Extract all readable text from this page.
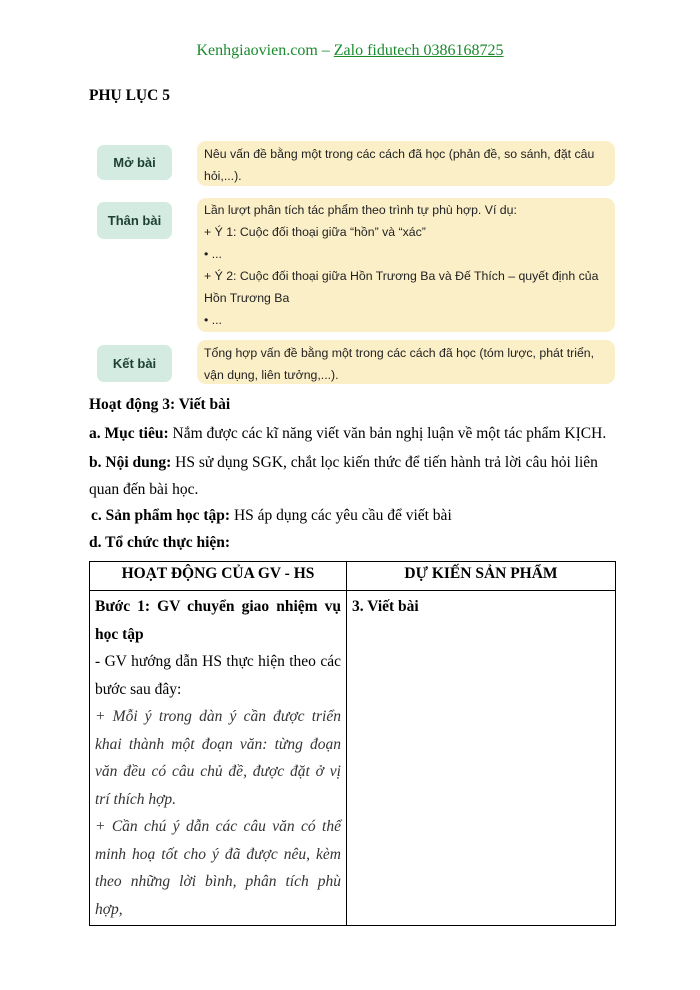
Kenhgiaovien.com – Zalo fidutech 0386168725
PHỤ LỤC 5
Mở bài
Nêu vấn đề bằng một trong các cách đã học (phản đề, so sánh, đặt câu
hỏi,...).
Thân bài
Lần lượt phân tích tác phẩm theo trình tự phù hợp. Ví dụ:
+ Ý 1: Cuộc đối thoại giữa “hồn” và “xác”
• ...
+ Ý 2: Cuộc đối thoại giữa Hồn Trương Ba và Đế Thích – quyết định của
Hồn Trương Ba
• ...
Kết bài
Tổng hợp vấn đề bằng một trong các cách đã học (tóm lược, phát triển,
vận dụng, liên tưởng,...).
Hoạt động 3: Viết bài
a. Mục tiêu: Nắm được các kĩ năng viết văn bản nghị luận về một tác phẩm KỊCH.
b. Nội dung: HS sử dụng SGK, chắt lọc kiến thức để tiến hành trả lời câu hỏi liên quan đến bài học.
c. Sản phẩm học tập: HS áp dụng các yêu cầu để viết bài
d. Tổ chức thực hiện:
HOẠT ĐỘNG CỦA GV - HS	DỰ KIẾN SẢN PHẨM

Bước 1: GV chuyển giao nhiệm vụ học tập
- GV hướng dẫn HS thực hiện theo các bước sau đây:
+ Mỗi ý trong dàn ý cần được triển khai thành một đoạn văn: từng đoạn văn đều có câu chủ đề, được đặt ở vị trí thích hợp.
+ Cần chú ý dẫn các câu văn có thể minh hoạ tốt cho ý đã được nêu, kèm theo những lời bình, phân tích phù hợp,	3. Viết bài
